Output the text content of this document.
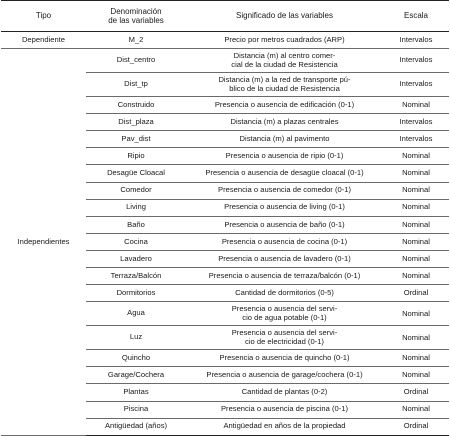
Tipo	Denominación
de las variables	Significado de las variables	Escala
Dependiente	M_2	Precio por metros cuadrados (ARP)	Intervalos
Independientes	Dist_centro	Distancia (m) al centro comer-
cial de la ciudad de Resistencia	Intervalos
	Dist_tp	Distancia (m) a la red de transporte pú-
blico de la ciudad de Resistencia	Intervalos
	Construido	Presencia o ausencia de edificación (0-1)	Nominal
	Dist_plaza	Distancia (m) a plazas centrales	Intervalos
	Pav_dist	Distancia (m) al pavimento	Intervalos
	Ripio	Presencia o ausencia de ripio (0-1)	Nominal
	Desagüe Cloacal	Presencia o ausencia de desagüe cloacal (0-1)	Nominal
	Comedor	Presencia o ausencia de comedor (0-1)	Nominal
	Living	Presencia o ausencia de living (0-1)	Nominal
	Baño	Presencia o ausencia de baño (0-1)	Nominal
	Cocina	Presencia o ausencia de cocina (0-1)	Nominal
	Lavadero	Presencia o ausencia de lavadero (0-1)	Nominal
	Terraza/Balcón	Presencia o ausencia de terraza/balcón (0-1)	Nominal
	Dormitorios	Cantidad de dormitorios (0-5)	Ordinal
	Agua	Presencia o ausencia del servi-
cio de agua potable (0-1)	Nominal
	Luz	Presencia o ausencia del servi-
cio de electricidad (0-1)	Nominal
	Quincho	Presencia o ausencia de quincho (0-1)	Nominal
	Garage/Cochera	Presencia o ausencia de garage/cochera (0-1)	Nominal
	Plantas	Cantidad de plantas (0-2)	Ordinal
	Piscina	Presencia o ausencia de piscina (0-1)	Nominal
	Antigüedad (años)	Antigüedad en años de la propiedad	Ordinal
